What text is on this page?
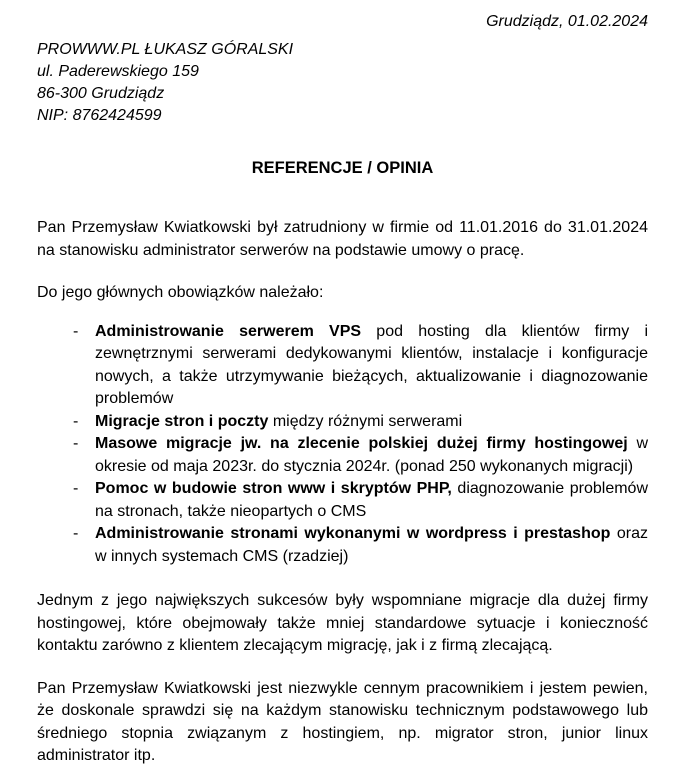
Grudziądz, 01.02.2024
PROWWW.PL ŁUKASZ GÓRALSKI
ul. Paderewskiego 159
86-300 Grudziądz
NIP: 8762424599
REFERENCJE / OPINIA

Pan Przemysław Kwiatkowski był zatrudniony w firmie od 11.01.2016 do 31.01.2024 na stanowisku administrator serwerów na podstawie umowy o pracę.

Do jego głównych obowiązków należało:

-	Administrowanie serwerem VPS pod hosting dla klientów firmy i zewnętrznymi serwerami dedykowanymi klientów, instalacje i konfiguracje nowych, a także utrzymywanie bieżących, aktualizowanie i diagnozowanie problemów
-	Migracje stron i poczty między różnymi serwerami
-	Masowe migracje jw. na zlecenie polskiej dużej firmy hostingowej w okresie od maja 2023r. do stycznia 2024r. (ponad 250 wykonanych migracji)
-	Pomoc w budowie stron www i skryptów PHP, diagnozowanie problemów na stronach, także nieopartych o CMS
-	Administrowanie stronami wykonanymi w wordpress i prestashop oraz w innych systemach CMS (rzadziej)

Jednym z jego największych sukcesów były wspomniane migracje dla dużej firmy hostingowej, które obejmowały także mniej standardowe sytuacje i konieczność kontaktu zarówno z klientem zlecającym migrację, jak i z firmą zlecającą.

Pan Przemysław Kwiatkowski jest niezwykle cennym pracownikiem i jestem pewien, że doskonale sprawdzi się na każdym stanowisku technicznym podstawowego lub średniego stopnia związanym z hostingiem, np. migrator stron, junior linux administrator itp.
